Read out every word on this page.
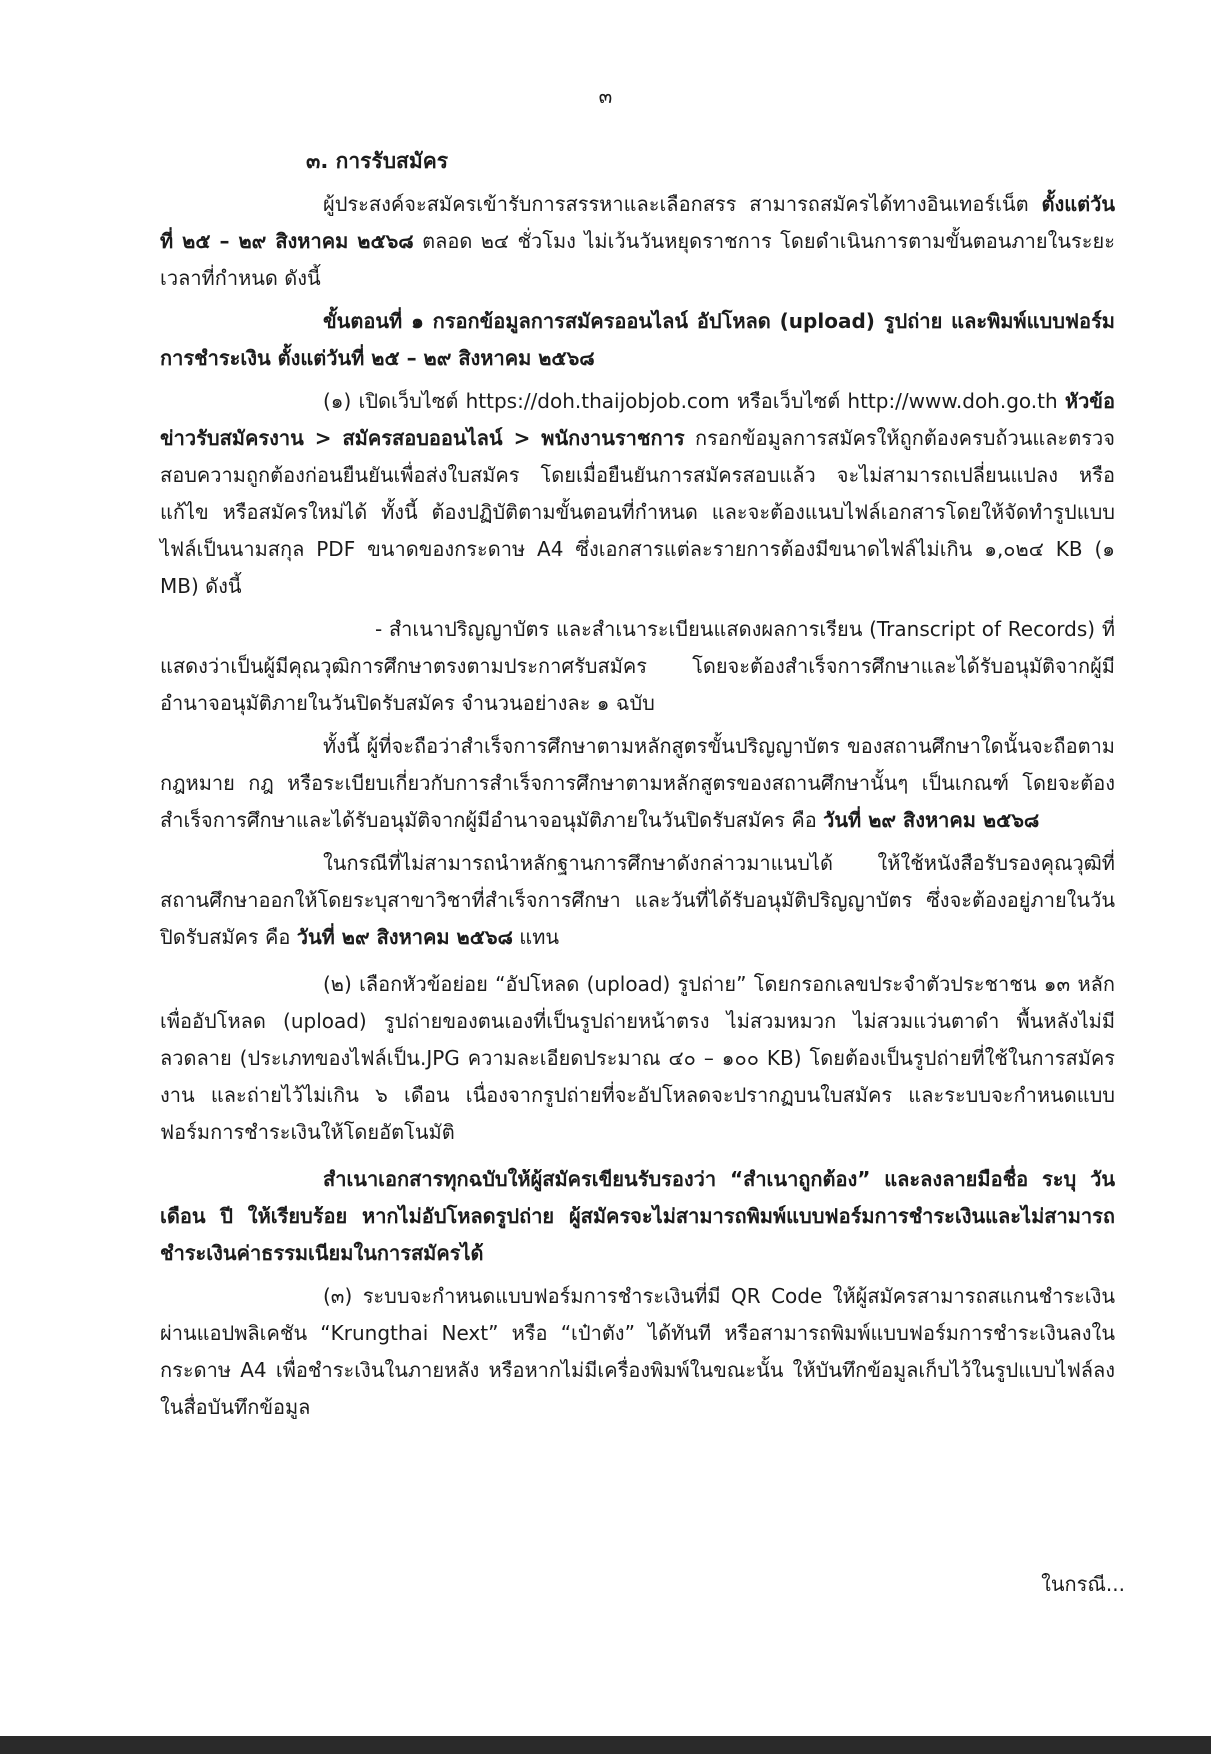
๓
๓. การรับสมัคร

ผู้ประสงค์จะสมัครเข้ารับการสรรหาและเลือกสรร สามารถสมัครได้ทางอินเทอร์เน็ต ตั้งแต่วันที่ ๒๕ – ๒๙ สิงหาคม ๒๕๖๘ ตลอด ๒๔ ชั่วโมง ไม่เว้นวันหยุดราชการ โดยดำเนินการตามขั้นตอนภายในระยะเวลาที่กำหนด ดังนี้

ขั้นตอนที่ ๑ กรอกข้อมูลการสมัครออนไลน์ อัปโหลด (upload) รูปถ่าย และพิมพ์แบบฟอร์มการชำระเงิน ตั้งแต่วันที่ ๒๕ – ๒๙ สิงหาคม ๒๕๖๘

(๑) เปิดเว็บไซต์ https://doh.thaijobjob.com หรือเว็บไซต์ http://www.doh.go.th หัวข้อ ข่าวรับสมัครงาน > สมัครสอบออนไลน์ > พนักงานราชการ กรอกข้อมูลการสมัครให้ถูกต้องครบถ้วนและตรวจสอบความถูกต้องก่อนยืนยันเพื่อส่งใบสมัคร โดยเมื่อยืนยันการสมัครสอบแล้ว จะไม่สามารถเปลี่ยนแปลง หรือแก้ไข หรือสมัครใหม่ได้ ทั้งนี้ ต้องปฏิบัติตามขั้นตอนที่กำหนด และจะต้องแนบไฟล์เอกสารโดยให้จัดทำรูปแบบไฟล์เป็นนามสกุล PDF ขนาดของกระดาษ A4 ซึ่งเอกสารแต่ละรายการต้องมีขนาดไฟล์ไม่เกิน ๑,๐๒๔ KB (๑ MB) ดังนี้

- สำเนาปริญญาบัตร และสำเนาระเบียนแสดงผลการเรียน (Transcript of Records) ที่แสดงว่าเป็นผู้มีคุณวุฒิการศึกษาตรงตามประกาศรับสมัคร โดยจะต้องสำเร็จการศึกษาและได้รับอนุมัติจากผู้มีอำนาจอนุมัติภายในวันปิดรับสมัคร จำนวนอย่างละ ๑ ฉบับ

ทั้งนี้ ผู้ที่จะถือว่าสำเร็จการศึกษาตามหลักสูตรขั้นปริญญาบัตร ของสถานศึกษาใดนั้นจะถือตามกฎหมาย กฎ หรือระเบียบเกี่ยวกับการสำเร็จการศึกษาตามหลักสูตรของสถานศึกษานั้นๆ เป็นเกณฑ์ โดยจะต้องสำเร็จการศึกษาและได้รับอนุมัติจากผู้มีอำนาจอนุมัติภายในวันปิดรับสมัคร คือ วันที่ ๒๙ สิงหาคม ๒๕๖๘

ในกรณีที่ไม่สามารถนำหลักฐานการศึกษาดังกล่าวมาแนบได้ ให้ใช้หนังสือรับรองคุณวุฒิที่สถานศึกษาออกให้โดยระบุสาขาวิชาที่สำเร็จการศึกษา และวันที่ได้รับอนุมัติปริญญาบัตร ซึ่งจะต้องอยู่ภายในวันปิดรับสมัคร คือ วันที่ ๒๙ สิงหาคม ๒๕๖๘ แทน

(๒) เลือกหัวข้อย่อย “อัปโหลด (upload) รูปถ่าย” โดยกรอกเลขประจำตัวประชาชน ๑๓ หลัก เพื่ออัปโหลด (upload) รูปถ่ายของตนเองที่เป็นรูปถ่ายหน้าตรง ไม่สวมหมวก ไม่สวมแว่นตาดำ พื้นหลังไม่มีลวดลาย (ประเภทของไฟล์เป็น.JPG ความละเอียดประมาณ ๔๐ – ๑๐๐ KB) โดยต้องเป็นรูปถ่ายที่ใช้ในการสมัครงาน และถ่ายไว้ไม่เกิน ๖ เดือน เนื่องจากรูปถ่ายที่จะอัปโหลดจะปรากฏบนใบสมัคร และระบบจะกำหนดแบบฟอร์มการชำระเงินให้โดยอัตโนมัติ

สำเนาเอกสารทุกฉบับให้ผู้สมัครเขียนรับรองว่า “สำเนาถูกต้อง” และลงลายมือชื่อ ระบุ วัน เดือน ปี ให้เรียบร้อย หากไม่อัปโหลดรูปถ่าย ผู้สมัครจะไม่สามารถพิมพ์แบบฟอร์มการชำระเงินและไม่สามารถชำระเงินค่าธรรมเนียมในการสมัครได้

(๓) ระบบจะกำหนดแบบฟอร์มการชำระเงินที่มี QR Code ให้ผู้สมัครสามารถสแกนชำระเงินผ่านแอปพลิเคชัน “Krungthai Next” หรือ “เป๋าตัง” ได้ทันที หรือสามารถพิมพ์แบบฟอร์มการชำระเงินลงในกระดาษ A4 เพื่อชำระเงินในภายหลัง หรือหากไม่มีเครื่องพิมพ์ในขณะนั้น ให้บันทึกข้อมูลเก็บไว้ในรูปแบบไฟล์ลงในสื่อบันทึกข้อมูล

ในกรณี...
